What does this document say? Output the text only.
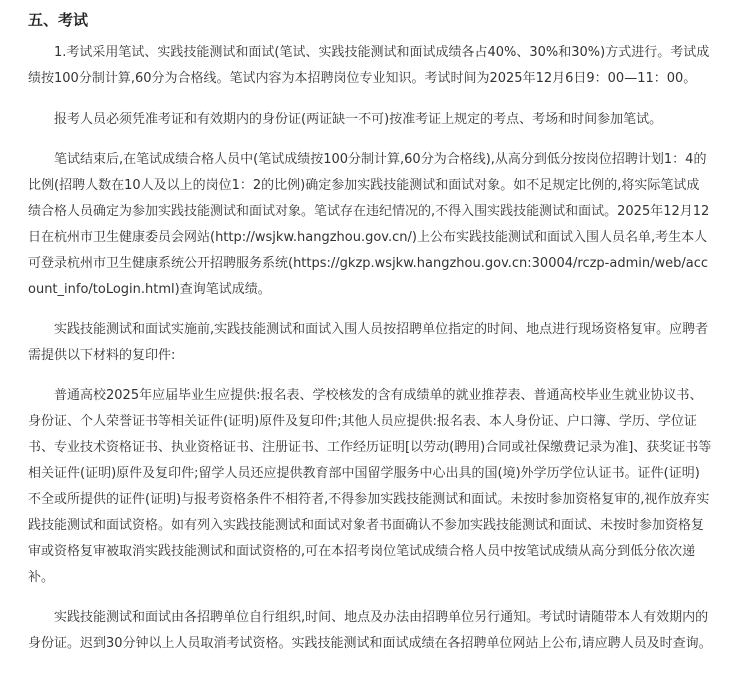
五、考试

1.考试采用笔试、实践技能测试和面试(笔试、实践技能测试和面试成绩各占40%、30%和30%)方式进行。考试成绩按100分制计算,60分为合格线。笔试内容为本招聘岗位专业知识。考试时间为2025年12月6日9：00—11：00。

报考人员必须凭准考证和有效期内的身份证(两证缺一不可)按准考证上规定的考点、考场和时间参加笔试。

笔试结束后,在笔试成绩合格人员中(笔试成绩按100分制计算,60分为合格线),从高分到低分按岗位招聘计划1：4的比例(招聘人数在10人及以上的岗位1：2的比例)确定参加实践技能测试和面试对象。如不足规定比例的,将实际笔试成绩合格人员确定为参加实践技能测试和面试对象。笔试存在违纪情况的,不得入围实践技能测试和面试。2025年12月12日在杭州市卫生健康委员会网站(http://wsjkw.hangzhou.gov.cn/)上公布实践技能测试和面试入围人员名单,考生本人可登录杭州市卫生健康系统公开招聘服务系统(https://gkzp.wsjkw.hangzhou.gov.cn:30004/rczp-admin/web/account_info/toLogin.html)查询笔试成绩。

实践技能测试和面试实施前,实践技能测试和面试入围人员按招聘单位指定的时间、地点进行现场资格复审。应聘者需提供以下材料的复印件:

普通高校2025年应届毕业生应提供:报名表、学校核发的含有成绩单的就业推荐表、普通高校毕业生就业协议书、身份证、个人荣誉证书等相关证件(证明)原件及复印件;其他人员应提供:报名表、本人身份证、户口簿、学历、学位证书、专业技术资格证书、执业资格证书、注册证书、工作经历证明[以劳动(聘用)合同或社保缴费记录为准]、获奖证书等相关证件(证明)原件及复印件;留学人员还应提供教育部中国留学服务中心出具的国(境)外学历学位认证书。证件(证明)不全或所提供的证件(证明)与报考资格条件不相符者,不得参加实践技能测试和面试。未按时参加资格复审的,视作放弃实践技能测试和面试资格。如有列入实践技能测试和面试对象者书面确认不参加实践技能测试和面试、未按时参加资格复审或资格复审被取消实践技能测试和面试资格的,可在本招考岗位笔试成绩合格人员中按笔试成绩从高分到低分依次递补。

实践技能测试和面试由各招聘单位自行组织,时间、地点及办法由招聘单位另行通知。考试时请随带本人有效期内的身份证。迟到30分钟以上人员取消考试资格。实践技能测试和面试成绩在各招聘单位网站上公布,请应聘人员及时查询。
